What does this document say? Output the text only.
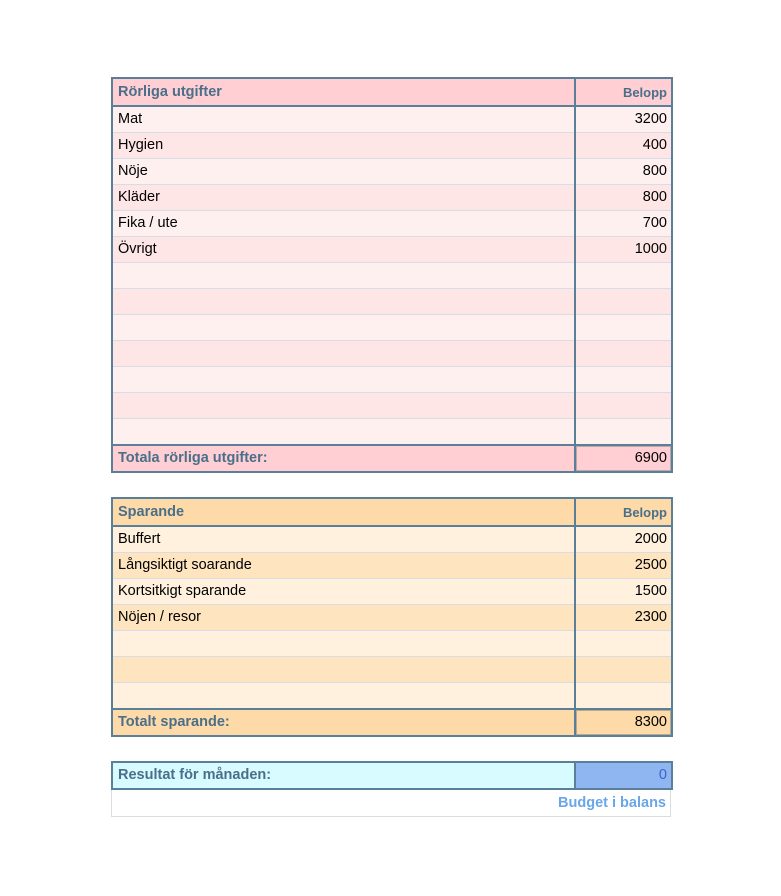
Rörliga utgifter	Belopp
Mat	3200
Hygien	400
Nöje	800
Kläder	800
Fika / ute	700
Övrigt	1000

Totala rörliga utgifter:	6900
Sparande	Belopp
Buffert	2000
Långsiktigt soarande	2500
Kortsitkigt sparande	1500
Nöjen / resor	2300

Totalt sparande:	8300
Resultat för månaden:	0
Budget i balans
